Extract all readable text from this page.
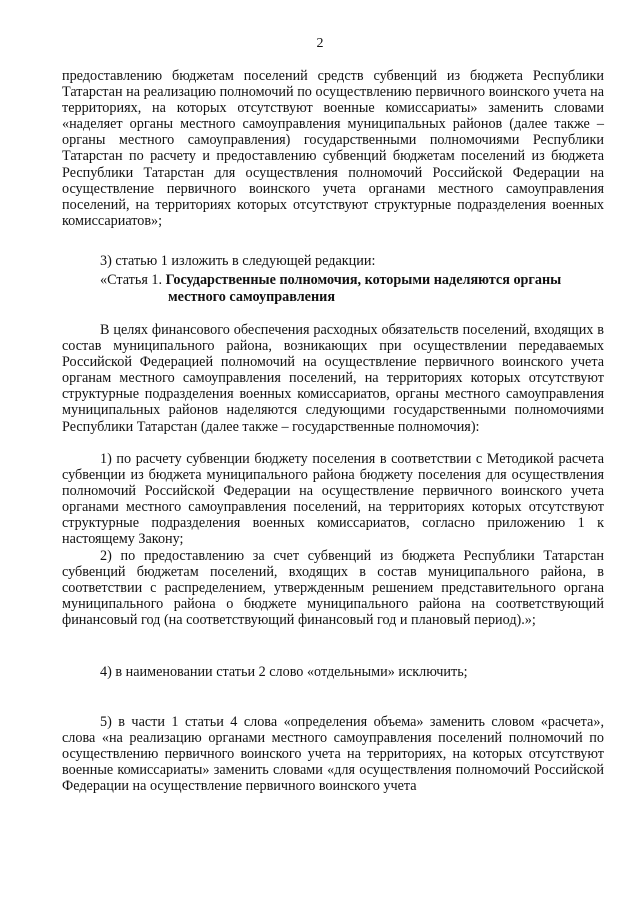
2

предоставлению бюджетам поселений средств субвенций из бюджета Республики Татарстан на реализацию полномочий по осуществлению первичного воинского учета на территориях, на которых отсутствуют военные комиссариаты» заменить словами «наделяет органы местного самоуправления муниципальных районов (далее также – органы местного самоуправления) государственными полномочиями Республики Татарстан по расчету и предоставлению субвенций бюджетам поселений из бюджета Республики Татарстан для осуществления полномочий Российской Федерации на осуществление первичного воинского учета органами местного самоуправления поселений, на территориях которых отсутствуют структурные подразделения военных комиссариатов»;

3) статью 1 изложить в следующей редакции:

«Статья 1. Государственные полномочия, которыми наделяются органы

местного самоуправления

В целях финансового обеспечения расходных обязательств поселений, входящих в состав муниципального района, возникающих при осуществлении передаваемых Российской Федерацией полномочий на осуществление первичного воинского учета органам местного самоуправления поселений, на территориях которых отсутствуют структурные подразделения военных комиссариатов, органы местного самоуправления муниципальных районов наделяются следующими государственными полномочиями Республики Татарстан (далее также – государственные полномочия):

1) по расчету субвенции бюджету поселения в соответствии с Методикой расчета субвенции из бюджета муниципального района бюджету поселения для осуществления полномочий Российской Федерации на осуществление первичного воинского учета органами местного самоуправления поселений, на территориях которых отсутствуют структурные подразделения военных комиссариатов, согласно приложению 1 к настоящему Закону;

2) по предоставлению за счет субвенций из бюджета Республики Татарстан субвенций бюджетам поселений, входящих в состав муниципального района, в соответствии с распределением, утвержденным решением представительного органа муниципального района о бюджете муниципального района на соответствующий финансовый год (на соответствующий финансовый год и плановый период).»;

4) в наименовании статьи 2 слово «отдельными» исключить;

5) в части 1 статьи 4 слова «определения объема» заменить словом «расчета», слова «на реализацию органами местного самоуправления поселений полномочий по осуществлению первичного воинского учета на территориях, на которых отсутствуют военные комиссариаты» заменить словами «для осуществления полномочий Российской Федерации на осуществление первичного воинского учета
